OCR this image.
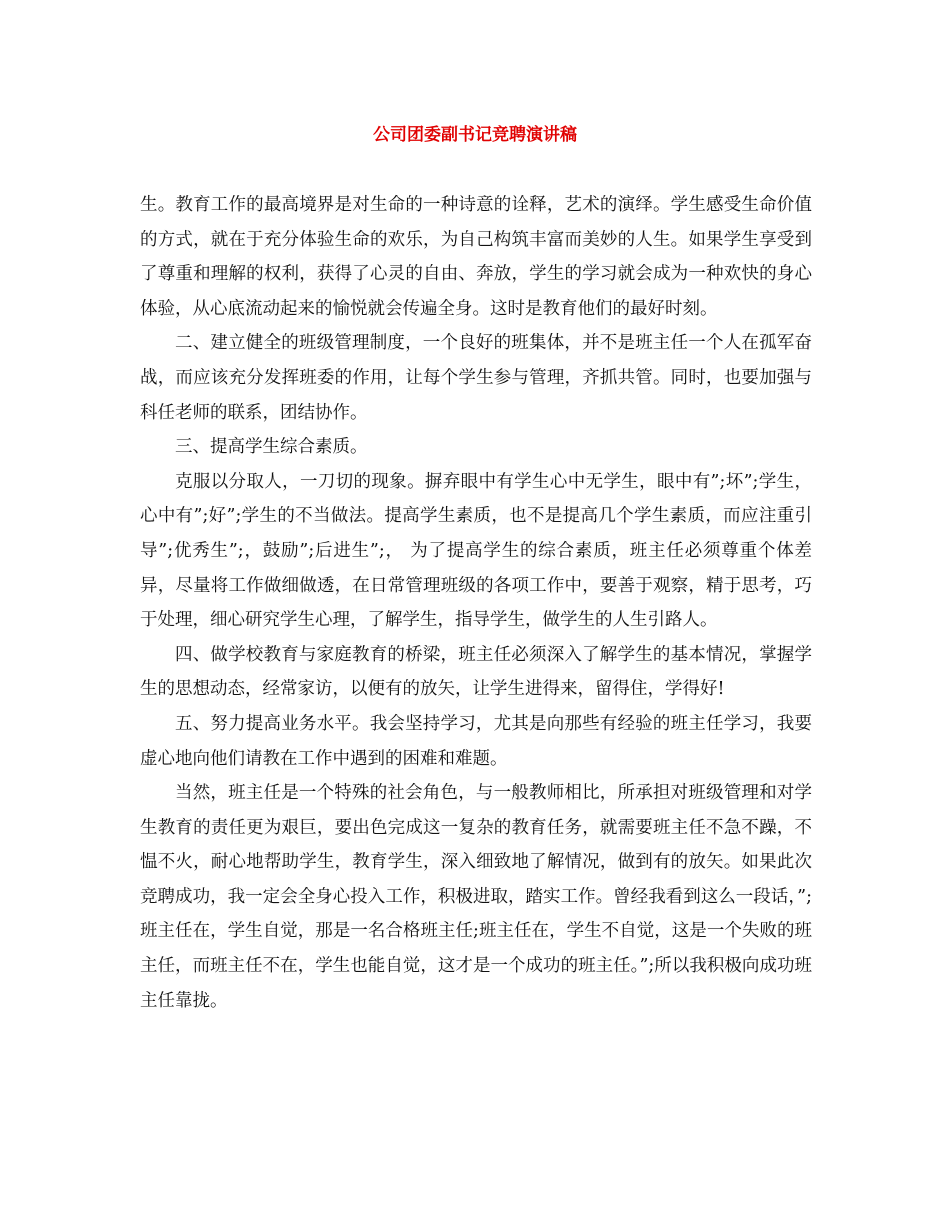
公司团委副书记竞聘演讲稿

生。教育工作的最高境界是对生命的一种诗意的诠释，艺术的演绎。学生感受生命价值的方式，就在于充分体验生命的欢乐，为自己构筑丰富而美妙的人生。如果学生享受到了尊重和理解的权利，获得了心灵的自由、奔放，学生的学习就会成为一种欢快的身心体验，从心底流动起来的愉悦就会传遍全身。这时是教育他们的最好时刻。

二、建立健全的班级管理制度，一个良好的班集体，并不是班主任一个人在孤军奋战，而应该充分发挥班委的作用，让每个学生参与管理，齐抓共管。同时，也要加强与科任老师的联系，团结协作。

三、提高学生综合素质。

克服以分取人，一刀切的现象。摒弃眼中有学生心中无学生，眼中有”;坏”;学生，心中有”;好”;学生的不当做法。提高学生素质，也不是提高几个学生素质，而应注重引导”;优秀生”;，鼓励”;后进生”;， 为了提高学生的综合素质，班主任必须尊重个体差异，尽量将工作做细做透，在日常管理班级的各项工作中，要善于观察，精于思考，巧于处理，细心研究学生心理，了解学生，指导学生，做学生的人生引路人。

四、做学校教育与家庭教育的桥梁，班主任必须深入了解学生的基本情况，掌握学生的思想动态，经常家访，以便有的放矢，让学生进得来，留得住，学得好!

五、努力提高业务水平。我会坚持学习，尤其是向那些有经验的班主任学习，我要虚心地向他们请教在工作中遇到的困难和难题。

当然，班主任是一个特殊的社会角色，与一般教师相比，所承担对班级管理和对学生教育的责任更为艰巨，要出色完成这一复杂的教育任务，就需要班主任不急不躁，不愠不火，耐心地帮助学生，教育学生，深入细致地了解情况，做到有的放矢。如果此次竞聘成功，我一定会全身心投入工作，积极进取，踏实工作。曾经我看到这么一段话，”;班主任在，学生自觉，那是一名合格班主任;班主任在，学生不自觉，这是一个失败的班主任，而班主任不在，学生也能自觉，这才是一个成功的班主任。”;所以我积极向成功班主任靠拢。
